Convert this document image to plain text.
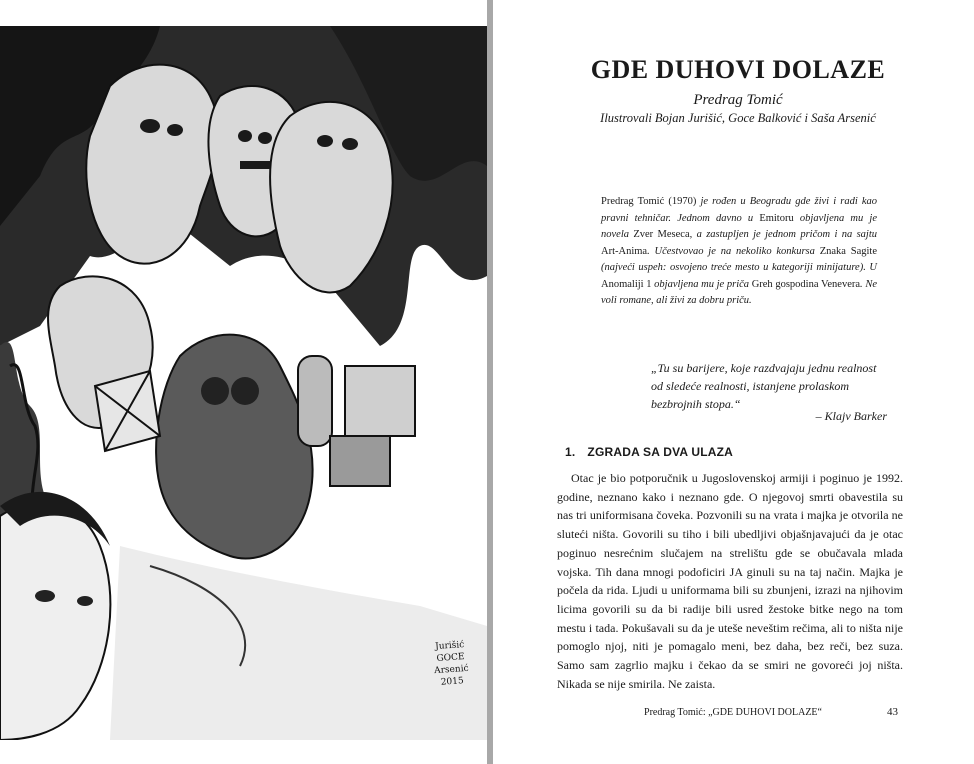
Jurišić
GOCE
Arsenić
2015
GDE DUHOVI DOLAZE
Predrag Tomić
Ilustrovali Bojan Jurišić, Goce Balković i Saša Arsenić
Predrag Tomić (1970) je rođen u Beogradu gde živi i radi kao pravni tehničar. Jednom davno u Emitoru objavljena mu je novela Zver Meseca, a zastupljen je jednom pričom i na sajtu Art-Anima. Učestvovao je na nekoliko konkursa Znaka Sagite (najveći uspeh: osvojeno treće mesto u kategoriji minijature). U Anomaliji 1 objavljena mu je priča Greh gospodina Venevera. Ne voli romane, ali živi za dobru priču.
„Tu su barijere, koje razdvajaju jednu realnost od sledeće realnosti, istanjene prolaskom bezbrojnih stopa.“
– Klajv Barker
1. ZGRADA SA DVA ULAZA

Otac je bio potporučnik u Jugoslovenskoj armiji i poginuo je 1992. godine, neznano kako i neznano gde. O njegovoj smrti obavestila su nas tri uniformisana čoveka. Pozvonili su na vrata i majka je otvorila ne sluteći ništa. Govorili su tiho i bili ubedljivi objašnjavajući da je otac poginuo nesrećnim slučajem na strelištu gde se obučavala mlada vojska. Tih dana mnogi podoficiri JA ginuli su na taj način. Majka je počela da rida. Ljudi u uniformama bili su zbunjeni, izrazi na njihovim licima govorili su da bi radije bili usred žestoke bitke nego na tom mestu i tada. Pokušavali su da je uteše neveštim rečima, ali to ništa nije pomoglo njoj, niti je pomagalo meni, bez daha, bez reči, bez suza. Samo sam zagrlio majku i čekao da se smiri ne govoreći joj ništa. Nikada se nije smirila. Ne zaista.

Predrag Tomić: „GDE DUHOVI DOLAZE“	43
